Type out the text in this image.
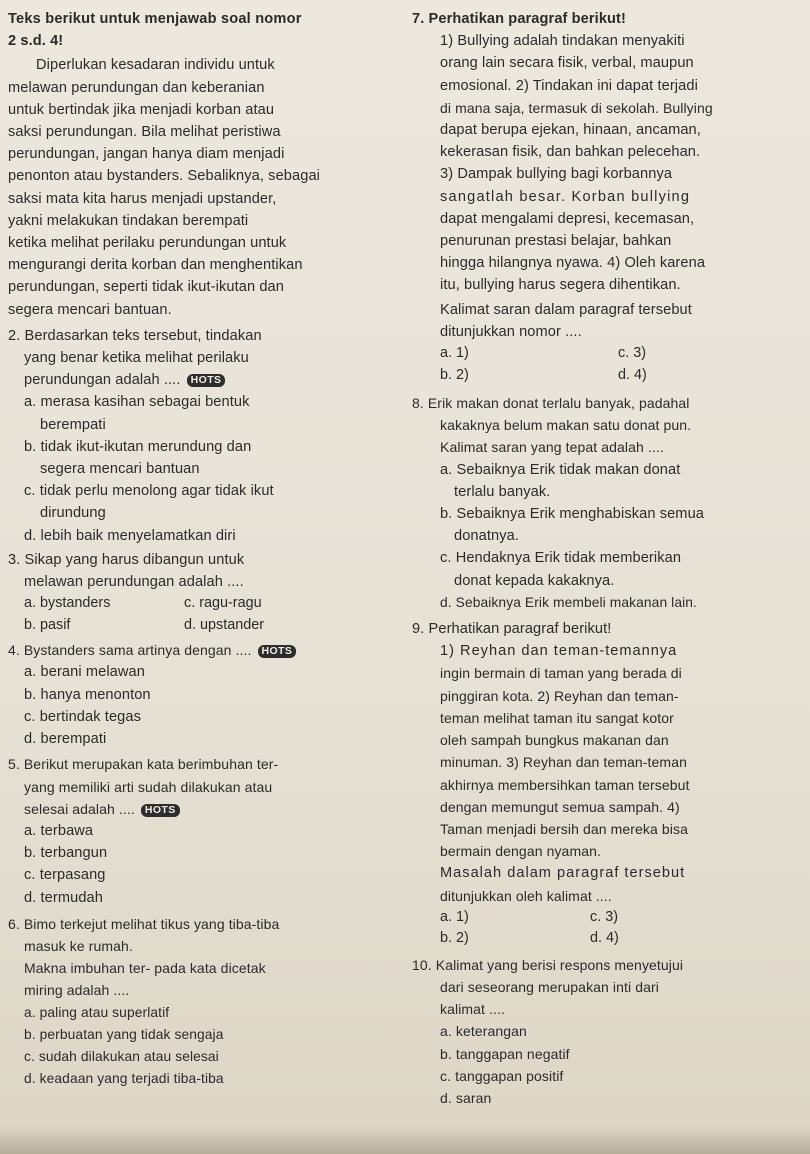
Teks berikut untuk menjawab soal nomor
2 s.d. 4!
Diperlukan kesadaran individu untuk
melawan perundungan dan keberanian
untuk bertindak jika menjadi korban atau
saksi perundungan. Bila melihat peristiwa
perundungan, jangan hanya diam menjadi
penonton atau bystanders. Sebaliknya, sebagai
saksi mata kita harus menjadi upstander,
yakni melakukan tindakan berempati
ketika melihat perilaku perundungan untuk
mengurangi derita korban dan menghentikan
perundungan, seperti tidak ikut-ikutan dan
segera mencari bantuan.
2. Berdasarkan teks tersebut, tindakan
yang benar ketika melihat perilaku
perundungan adalah .... HOTS
a. merasa kasihan sebagai bentuk
berempati
b. tidak ikut-ikutan merundung dan
segera mencari bantuan
c. tidak perlu menolong agar tidak ikut
dirundung
d. lebih baik menyelamatkan diri
3. Sikap yang harus dibangun untuk
melawan perundungan adalah ....
a. bystanders	c. ragu-ragu
b. pasif	d. upstander
4. Bystanders sama artinya dengan .... HOTS
a. berani melawan
b. hanya menonton
c. bertindak tegas
d. berempati
5. Berikut merupakan kata berimbuhan ter-
yang memiliki arti sudah dilakukan atau
selesai adalah .... HOTS
a. terbawa
b. terbangun
c. terpasang
d. termudah
6. Bimo terkejut melihat tikus yang tiba-tiba
masuk ke rumah.
Makna imbuhan ter- pada kata dicetak
miring adalah ....
a. paling atau superlatif
b. perbuatan yang tidak sengaja
c. sudah dilakukan atau selesai
d. keadaan yang terjadi tiba-tiba
7. Perhatikan paragraf berikut!
1) Bullying adalah tindakan menyakiti
orang lain secara fisik, verbal, maupun
emosional. 2) Tindakan ini dapat terjadi
di mana saja, termasuk di sekolah. Bullying
dapat berupa ejekan, hinaan, ancaman,
kekerasan fisik, dan bahkan pelecehan.
3) Dampak bullying bagi korbannya
sangatlah besar. Korban bullying
dapat mengalami depresi, kecemasan,
penurunan prestasi belajar, bahkan
hingga hilangnya nyawa. 4) Oleh karena
itu, bullying harus segera dihentikan.
Kalimat saran dalam paragraf tersebut
ditunjukkan nomor ....
a. 1)	c. 3)
b. 2)	d. 4)
8. Erik makan donat terlalu banyak, padahal
kakaknya belum makan satu donat pun.
Kalimat saran yang tepat adalah ....
a. Sebaiknya Erik tidak makan donat
terlalu banyak.
b. Sebaiknya Erik menghabiskan semua
donatnya.
c. Hendaknya Erik tidak memberikan
donat kepada kakaknya.
d. Sebaiknya Erik membeli makanan lain.
9. Perhatikan paragraf berikut!
1) Reyhan dan teman-temannya
ingin bermain di taman yang berada di
pinggiran kota. 2) Reyhan dan teman-
teman melihat taman itu sangat kotor
oleh sampah bungkus makanan dan
minuman. 3) Reyhan dan teman-teman
akhirnya membersihkan taman tersebut
dengan memungut semua sampah. 4)
Taman menjadi bersih dan mereka bisa
bermain dengan nyaman.
Masalah dalam paragraf tersebut
ditunjukkan oleh kalimat ....
a. 1)	c. 3)
b. 2)	d. 4)
10. Kalimat yang berisi respons menyetujui
dari seseorang merupakan inti dari
kalimat ....
a. keterangan
b. tanggapan negatif
c. tanggapan positif
d. saran
